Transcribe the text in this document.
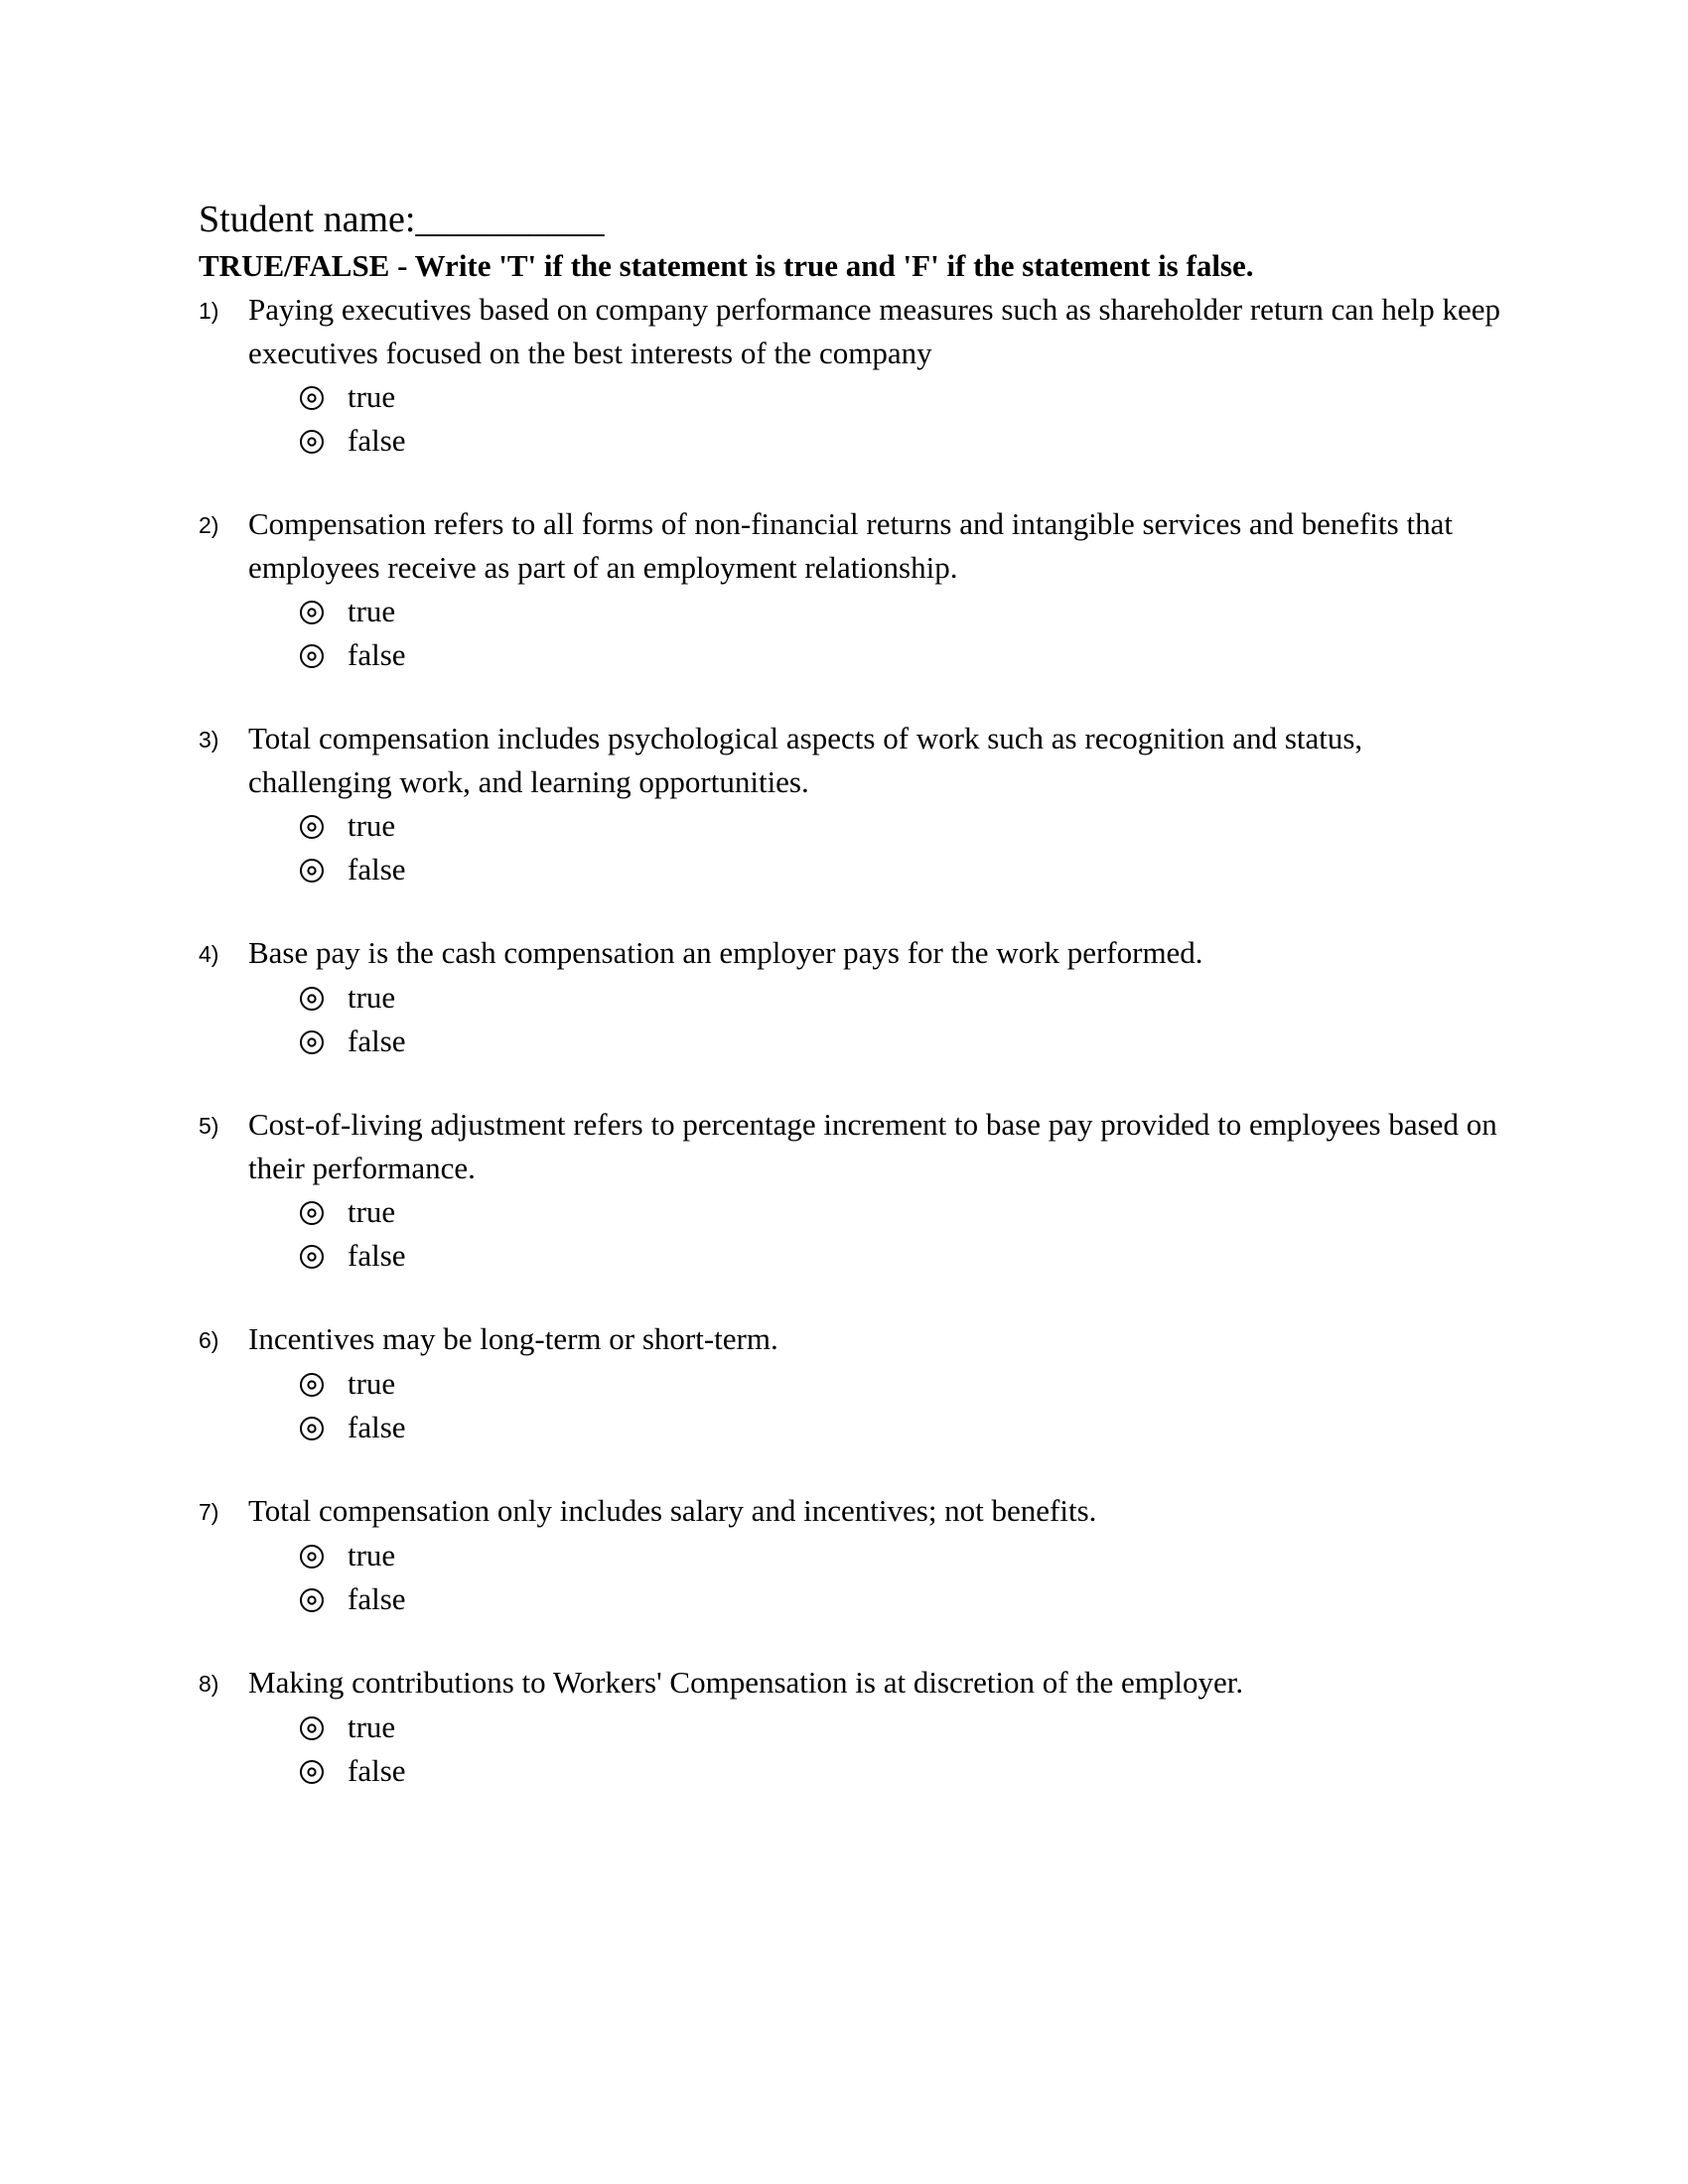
Student name:__________

TRUE/FALSE - Write 'T' if the statement is true and 'F' if the statement is false.

1) Paying executives based on company performance measures such as shareholder return can help keep executives focused on the best interests of the company
true
false
2) Compensation refers to all forms of non-financial returns and intangible services and benefits that employees receive as part of an employment relationship.
true
false
3) Total compensation includes psychological aspects of work such as recognition and status, challenging work, and learning opportunities.
true
false
4) Base pay is the cash compensation an employer pays for the work performed.
true
false
5) Cost-of-living adjustment refers to percentage increment to base pay provided to employees based on their performance.
true
false
6) Incentives may be long-term or short-term.
true
false
7) Total compensation only includes salary and incentives; not benefits.
true
false
8) Making contributions to Workers' Compensation is at discretion of the employer.
true
false
